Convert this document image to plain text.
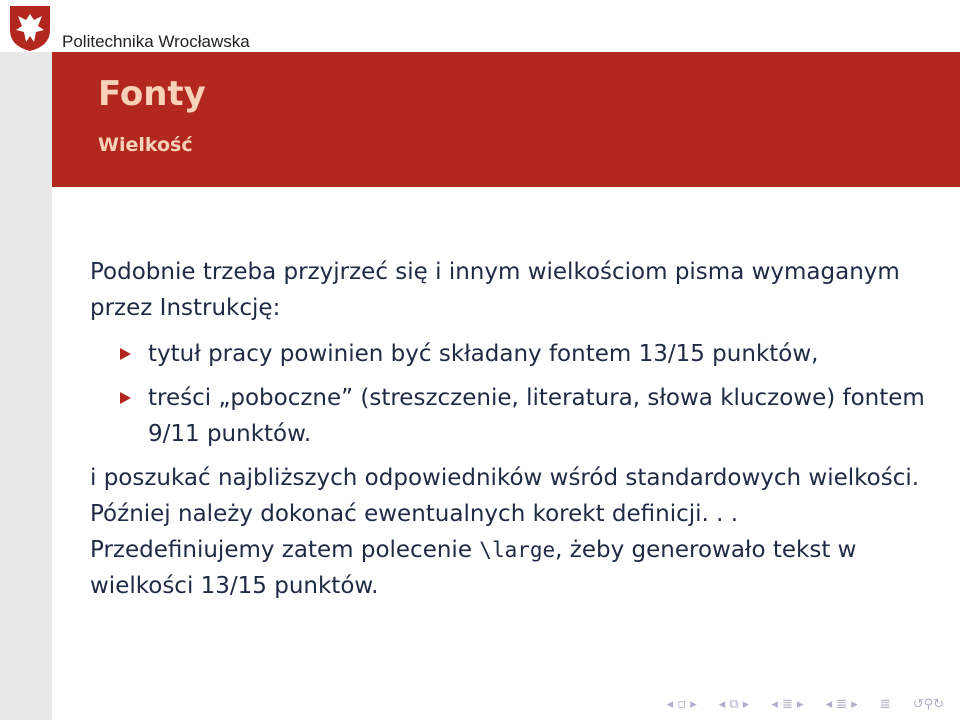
Politechnika Wrocławska
Fonty
Wielkość

Podobnie trzeba przyjrzeć się i innym wielkościom pisma wymaganym przez Instrukcję:

tytuł pracy powinien być składany fontem 13/15 punktów,
treści „poboczne” (streszczenie, literatura, słowa kluczowe) fontem 9/11 punktów.

i poszukać najbliższych odpowiedników wśród standardowych wielkości. Później należy dokonać ewentualnych korekt definicji. . .

Przedefiniujemy zatem polecenie \large, żeby generowało tekst w wielkości 13/15 punktów.

◂ ▫ ▸ ◂ ⧉ ▸ ◂ ≣ ▸ ◂ ≣ ▸ ≣ ↺⚲↻
